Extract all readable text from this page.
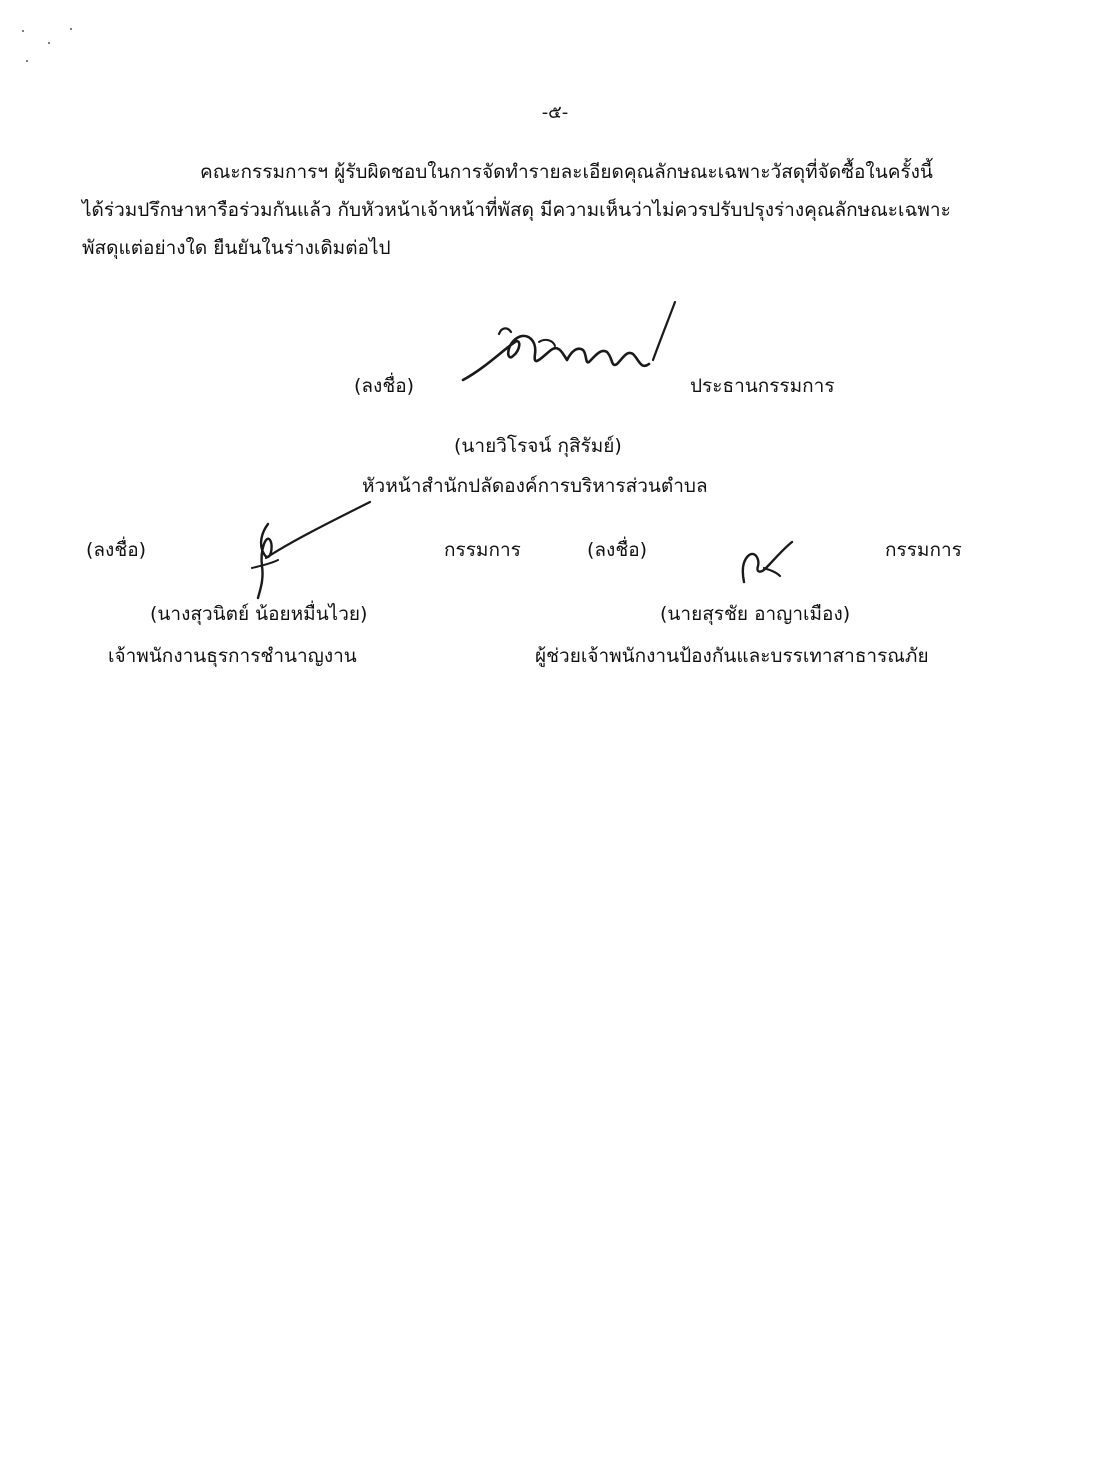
-๕-
คณะกรรมการฯ ผู้รับผิดชอบในการจัดทำรายละเอียดคุณลักษณะเฉพาะวัสดุที่จัดซื้อในครั้งนี้
ได้ร่วมปรึกษาหารือร่วมกันแล้ว กับหัวหน้าเจ้าหน้าที่พัสดุ มีความเห็นว่าไม่ควรปรับปรุงร่างคุณลักษณะเฉพาะ
พัสดุแต่อย่างใด ยืนยันในร่างเดิมต่อไป
(ลงชื่อ)	ประธานกรรมการ
(นายวิโรจน์ กุสิรัมย์)
หัวหน้าสำนักปลัดองค์การบริหารส่วนตำบล
(ลงชื่อ)	กรรมการ
(นางสุวนิตย์ น้อยหมื่นไวย)
เจ้าพนักงานธุรการชำนาญงาน
(ลงชื่อ)	กรรมการ
(นายสุรชัย อาญาเมือง)
ผู้ช่วยเจ้าพนักงานป้องกันและบรรเทาสาธารณภัย
